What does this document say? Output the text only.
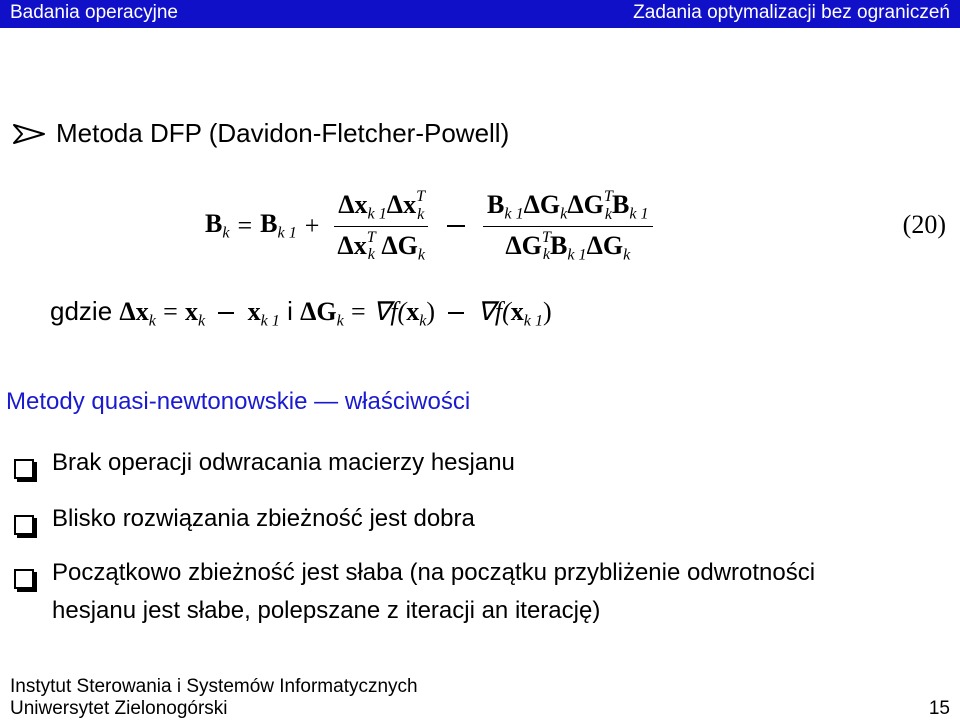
Badania operacyjne	Zadania optymalizacji bez ograniczeń
Metoda DFP (Davidon-Fletcher-Powell)
$B_k = B_{k 1} + \frac{\Delta x_{k 1}\Delta x^T_k}{\Delta x^T_k \Delta G_k} \frac{B_{k 1}\Delta G_k\Delta G^T_kB_{k 1}}{\Delta G^T_kB_{k 1}\Delta G_k}$	(20)
gdzie $\Delta x_k = x_k$ $x_{k 1}$ i $\Delta G_k = \nabla f(x_k)$ $\nabla f(x_{k 1})$
Metody quasi-newtonowskie — właściwości
Brak operacji odwracania macierzy hesjanu
Blisko rozwiązania zbieżność jest dobra
Początkowo zbieżność jest słaba (na początku przybliżenie odwrotności
hesjanu jest słabe, polepszane z iteracji an iterację)
Instytut Sterowania i Systemów Informatycznych
Uniwersytet Zielonogórski	15
